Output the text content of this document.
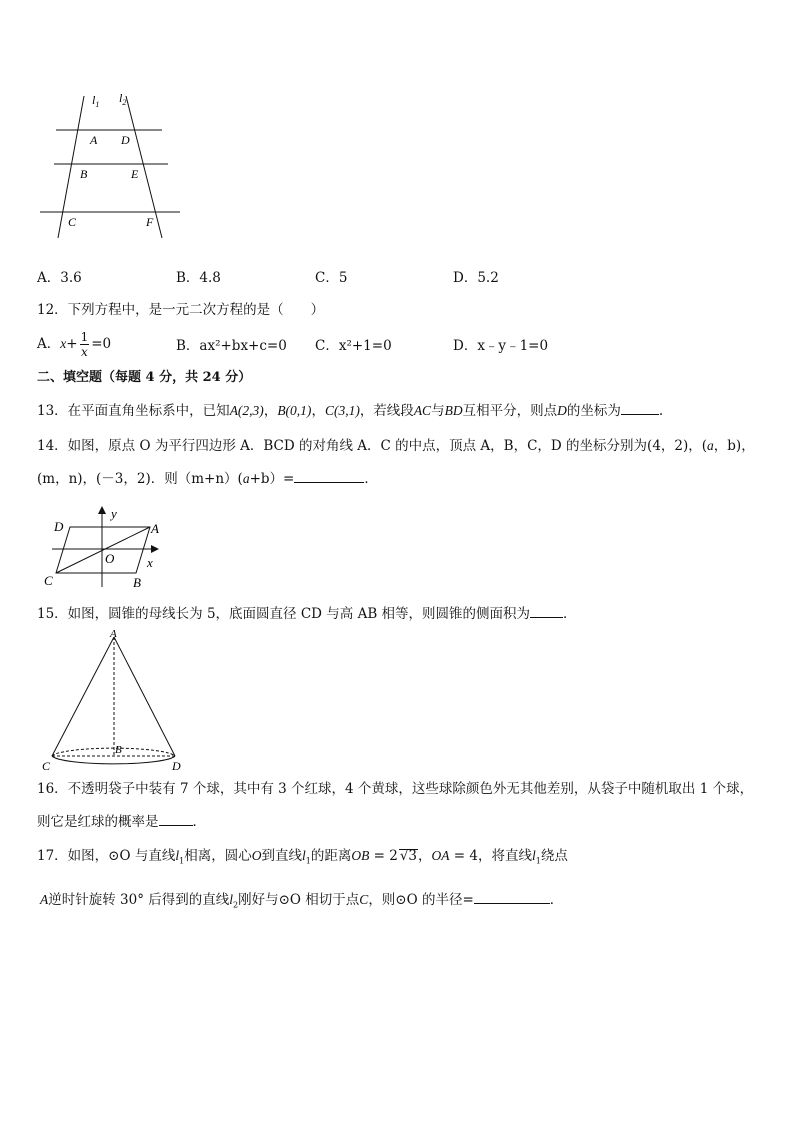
$l_1$ $l_2$
A D
B	E
C	F
A．3.6	B．4.8	C．5	D．5.2
12．下列方程中，是一元二次方程的是（　　）
A．$x+ \frac{1}{x} =0$	B．ax²+bx+c=0 C．x²+1=0	D．x﹣y﹣1=0
二、填空题（每题 4 分，共 24 分）
13．在平面直角坐标系中，已知A(2,3)，B(0,1)，C(3,1)，若线段AC与BD互相平分，则点D的坐标为	.
14．如图，原点 O 为平行四边形 A．BCD 的对角线 A．C 的中点，顶点 A，B，C，D 的坐标分别为(4，2)，(a，b)，
(m，n)，(－3，2)．则（m+n）(a+b）=	．
D
y
A
O	x
C	B
15．如图，圆锥的母线长为 5，底面圆直径 CD 与高 AB 相等，则圆锥的侧面积为 ．
A
B
C	D
16．不透明袋子中装有 7 个球，其中有 3 个红球，4 个黄球，这些球除颜色外无其他差别，从袋子中随机取出 1 个球，
则它是红球的概率是	．
17．如图，⊙O 与直线$l_1$相离，圆心O到直线$l_1$的距离OB = 2 √3，OA = 4，将直线$l_1$绕点
A逆时针旋转 30° 后得到的直线$l_2$刚好与⊙O 相切于点C，则⊙O 的半径=	．
